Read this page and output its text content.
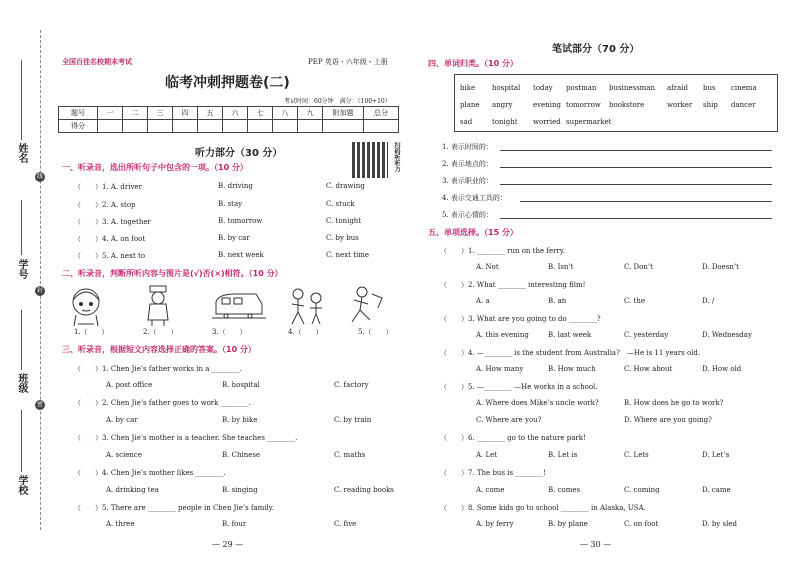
姓名
学号
班级
学校
线
封
密
全国百佳名校期末考试	PEP 英语・六年级・上册
临考冲刺押题卷(二)
考试时间：60分钟　满分：（100+10）
题号	一	二	三	四	五	六	七	八	九	附加题	总分
得分											
听力部分（30 分）	扫码听听力
一、听录音，选出所听句子中包含的一项。（10 分）
（　　）1. A. driver	B. driving	C. drawing
（　　）2. A. stop	B. stay	C. stuck
（　　）3. A. together	B. tomorrow	C. tonight
（　　）4. A. on foot	B. by car	C. by bus
（　　）5. A. next to	B. next week	C. next time
二、听录音，判断所听内容与图片是(√)否(×)相符。（10 分）
1.（　　）	2.（　　）	3.（　　）	4.（　　）	5.（　　）
三、听录音，根据短文内容选择正确的答案。（10 分）
（　　）1. Chen Jie’s father works in a ________.
A. post office	B. hospital	C. factory
（　　）2. Chen Jie’s father goes to work ________.
A. by car	B. by bike	C. by train
（　　）3. Chen Jie’s mother is a teacher. She teaches ________.
A. science	B. Chinese	C. maths
（　　）4. Chen Jie’s mother likes ________.
A. drinking tea	B. singing	C. reading books
（　　）5. There are ________ people in Chen Jie’s family.
A. three	B. four	C. five
— 29 —
笔试部分（70 分）
四、单词归类。（10 分）
bike hospital today postman businessman afraid bus cinema
plane angry	evening tomorrow bookstore	worker ship dancer
sad	tonight worried supermarket
1. 表示时间的：
2. 表示地点的：
3. 表示职业的：
4. 表示交通工具的：
5. 表示心情的：
五、单项选择。（15 分）
（　　）1. ________ run on the ferry.
A. Not	B. Isn’t	C. Don’t	D. Doesn’t
（　　）2. What ________ interesting film!
A. a	B. an	C. the	D. /
（　　）3. What are you going to do ________?
A. this evening	B. last week	C. yesterday	D. Wednesday
（　　）4. —________ is the student from Australia?　—He is 11 years old.
A. How many	B. How much	C. How about	D. How old
（　　）5. —________ —He works in a school.
A. Where does Mike’s uncle work?	B. How does he go to work?
C. Where are you?	D. Where are you going?
（　　）6. ________ go to the nature park!
A. Let	B. Let is	C. Lets	D. Let’s
（　　）7. The bus is ________!
A. come	B. comes	C. coming	D. came
（　　）8. Some kids go to school ________ in Alaska, USA.
A. by ferry	B. by plane	C. on foot	D. by sled
— 30 —
